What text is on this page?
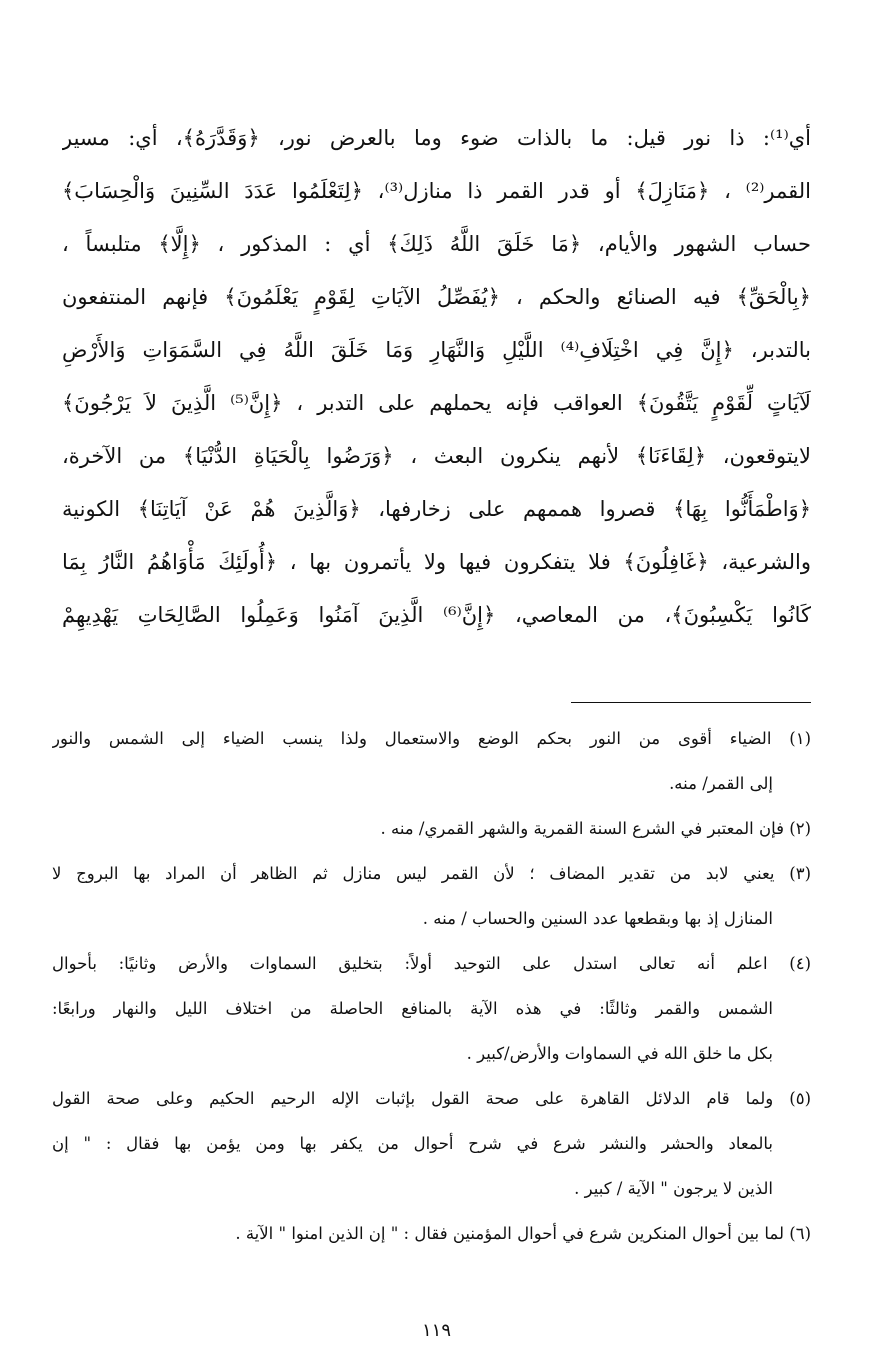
أي⁽¹⁾: ذا نور قيل: ما بالذات ضوء وما بالعرض نور، ﴿وَقَدَّرَهُ﴾، أي: مسير
القمر⁽²⁾ ، ﴿مَنَازِلَ﴾ أو قدر القمر ذا منازل⁽³⁾، ﴿لِتَعْلَمُوا عَدَدَ السِّنِينَ وَالْحِسَابَ﴾
حساب الشهور والأيام، ﴿مَا خَلَقَ اللَّهُ ذَلِكَ﴾ أي : المذكور ، ﴿إِلَّا﴾ متلبساً ،
﴿بِالْحَقِّ﴾ فيه الصنائع والحكم ، ﴿يُفَصِّلُ الآيَاتِ لِقَوْمٍ يَعْلَمُونَ﴾ فإنهم المنتفعون
بالتدبر، ﴿إِنَّ فِي اخْتِلَافِ⁽⁴⁾ اللَّيْلِ وَالنَّهَارِ وَمَا خَلَقَ اللَّهُ فِي السَّمَوَاتِ وَالأَرْضِ
لَآيَاتٍ لِّقَوْمٍ يَتَّقُونَ﴾ العواقب فإنه يحملهم على التدبر ، ﴿إِنَّ⁽⁵⁾ الَّذِينَ لاَ يَرْجُونَ﴾
لايتوقعون، ﴿لِقَاءَنَا﴾ لأنهم ينكرون البعث ، ﴿وَرَضُوا بِالْحَيَاةِ الدُّنْيَا﴾ من الآخرة،
﴿وَاطْمَأَنُّوا بِهَا﴾ قصروا هممهم على زخارفها، ﴿وَالَّذِينَ هُمْ عَنْ آيَاتِنَا﴾ الكونية
والشرعية، ﴿غَافِلُونَ﴾ فلا يتفكرون فيها ولا يأتمرون بها ، ﴿أُولَئِكَ مَأْوَاهُمُ النَّارُ بِمَا
كَانُوا يَكْسِبُونَ﴾، من المعاصي، ﴿إِنَّ⁽⁶⁾ الَّذِينَ آمَنُوا وَعَمِلُوا الصَّالِحَاتِ يَهْدِيهِمْ
(١) الضياء أقوى من النور بحكم الوضع والاستعمال ولذا ينسب الضياء إلى الشمس والنور
إلى القمر/ منه.
(٢) فإن المعتبر في الشرع السنة القمرية والشهر القمري/ منه .
(٣) يعني لابد من تقدير المضاف ؛ لأن القمر ليس منازل ثم الظاهر أن المراد بها البروج لا
المنازل إذ بها وبقطعها عدد السنين والحساب / منه .
(٤) اعلم أنه تعالى استدل على التوحيد أولاً: بتخليق السماوات والأرض وثانيًا: بأحوال
الشمس والقمر وثالثًا: في هذه الآية بالمنافع الحاصلة من اختلاف الليل والنهار ورابعًا:
بكل ما خلق الله في السماوات والأرض/كبير .
(٥) ولما قام الدلائل القاهرة على صحة القول بإثبات الإله الرحيم الحكيم وعلى صحة القول
بالمعاد والحشر والنشر شرع في شرح أحوال من يكفر بها ومن يؤمن بها فقال : " إن
الذين لا يرجون " الآية / كبير .
(٦) لما بين أحوال المنكرين شرع في أحوال المؤمنين فقال : " إن الذين امنوا " الآية .
١١٩
